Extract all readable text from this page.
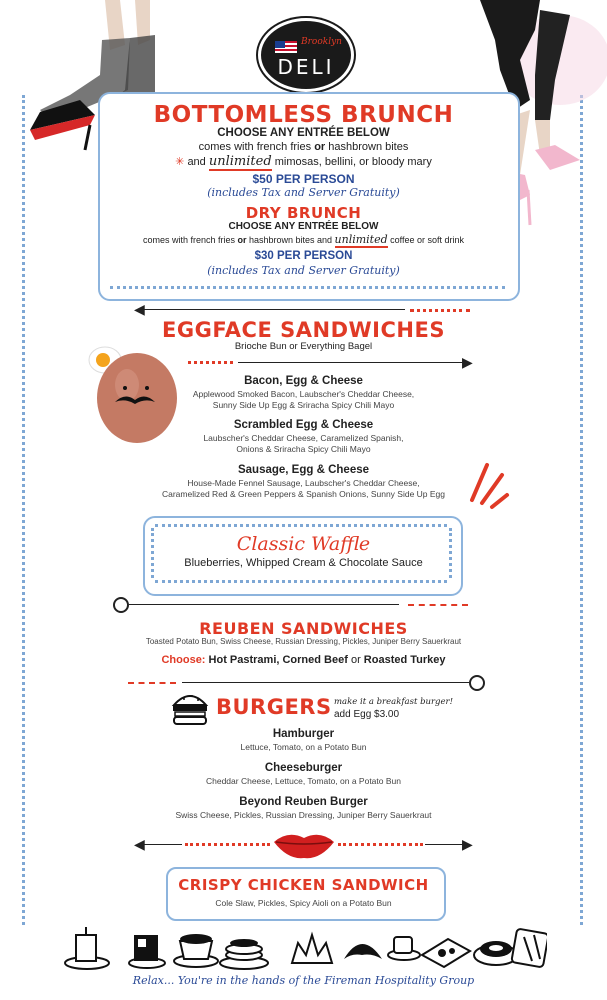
Brooklyn
DELI
BOTTOMLESS BRUNCH
CHOOSE ANY ENTRÉE BELOW
comes with french fries or hashbrown bites
✳ and unlimited mimosas, bellini, or bloody mary
$50 PER PERSON
(includes Tax and Server Gratuity)
DRY BRUNCH
CHOOSE ANY ENTRÉE BELOW
comes with french fries or hashbrown bites and unlimited coffee or soft drink
$30 PER PERSON
(includes Tax and Server Gratuity)
◀
EGGFACE SANDWICHES
Brioche Bun or Everything Bagel
▶
Bacon, Egg & Cheese
Applewood Smoked Bacon, Laubscher's Cheddar Cheese,
Sunny Side Up Egg & Sriracha Spicy Chili Mayo
Scrambled Egg & Cheese
Laubscher's Cheddar Cheese, Caramelized Spanish,
Onions & Sriracha Spicy Chili Mayo
Sausage, Egg & Cheese
House-Made Fennel Sausage, Laubscher's Cheddar Cheese,
Caramelized Red & Green Peppers & Spanish Onions, Sunny Side Up Egg
Classic Waffle
Blueberries, Whipped Cream & Chocolate Sauce
REUBEN SANDWICHES
Toasted Potato Bun, Swiss Cheese, Russian Dressing, Pickles, Juniper Berry Sauerkraut
Choose: Hot Pastrami, Corned Beef or Roasted Turkey
BURGERS make it a breakfast burger!
add Egg $3.00
Hamburger
Lettuce, Tomato, on a Potato Bun
Cheeseburger
Cheddar Cheese, Lettuce, Tomato, on a Potato Bun
Beyond Reuben Burger
Swiss Cheese, Pickles, Russian Dressing, Juniper Berry Sauerkraut
◀	▶
CRISPY CHICKEN SANDWICH
Cole Slaw, Pickles, Spicy Aioli on a Potato Bun
Relax... You're in the hands of the Fireman Hospitality Group
